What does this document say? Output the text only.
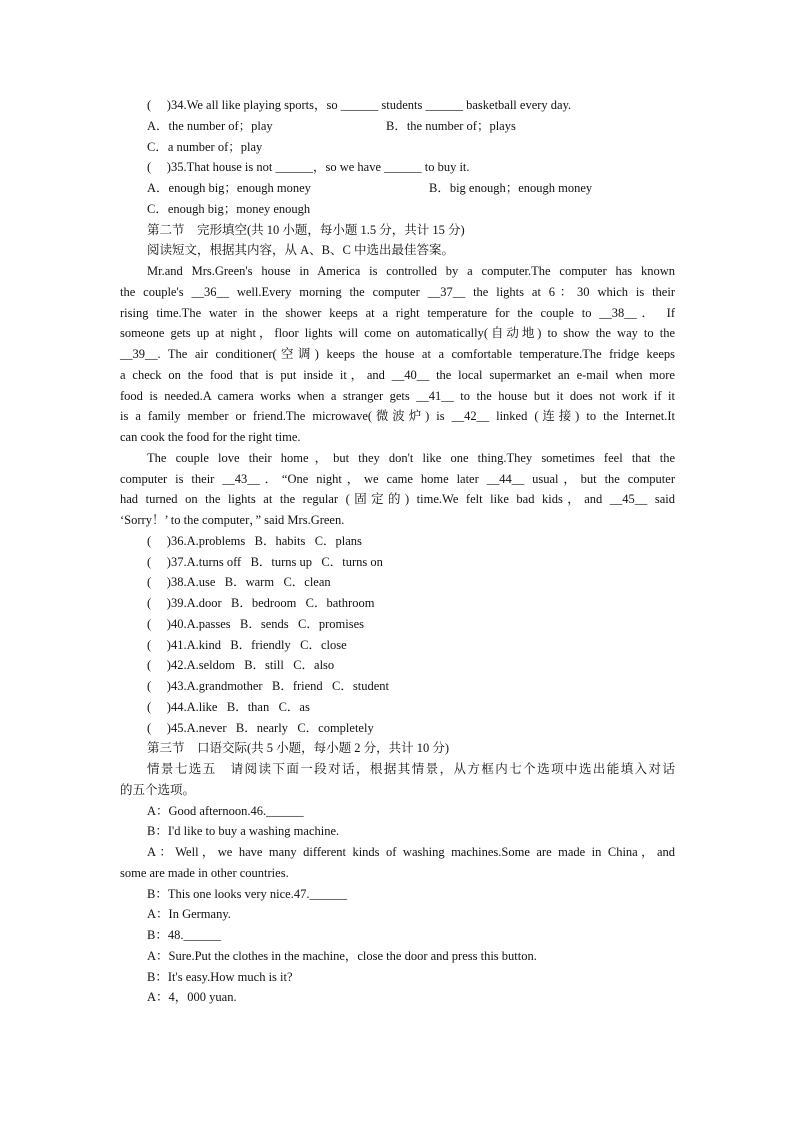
(　 )34.We all like playing sports，so ______ students ______ basketball every day.
A．the number of；play	B．the number of；plays
C．a number of；play
(　 )35.That house is not ______，so we have ______ to buy it.
A．enough big；enough money	B．big enough；enough money
C．enough big；money enough
第二节　完形填空(共 10 小题，每小题 1.5 分，共计 15 分)
阅读短文，根据其内容，从 A、B、C 中选出最佳答案。
Mr.and Mrs.Green's house in America is controlled by a computer.The computer has known
the couple's __36__ well.Every morning the computer __37__ the lights at 6：30 which is their
rising time.The water in the shower keeps at a right temperature for the couple to __38__． If
someone gets up at night，floor lights will come on automatically(自动地) to show the way to the
__39__. The air conditioner(空调) keeps the house at a comfortable temperature.The fridge keeps
a check on the food that is put inside it，and __40__ the local supermarket an e-mail when more
food is needed.A camera works when a stranger gets __41__ to the house but it does not work if it
is a family member or friend.The microwave(微波炉) is __42__ linked (连接) to the Internet.It
can cook the food for the right time.
The couple love their home，but they don't like one thing.They sometimes feel that the
computer is their __43__．“One night，we came home later __44__ usual，but the computer
had turned on the lights at the regular (固定的) time.We felt like bad kids，and __45__ said
‘Sorry！’ to the computer，” said Mrs.Green.
(　 )36.A.problems B．habits C．plans
(　 )37.A.turns off B．turns up C．turns on
(　 )38.A.use B．warm C．clean
(　 )39.A.door B．bedroom C．bathroom
(　 )40.A.passes B．sends C．promises
(　 )41.A.kind B．friendly C．close
(　 )42.A.seldom B．still C．also
(　 )43.A.grandmother B．friend C．student
(　 )44.A.like B．than C．as
(　 )45.A.never B．nearly C．completely
第三节　口语交际(共 5 小题，每小题 2 分，共计 10 分)
情景七选五　请阅读下面一段对话，根据其情景，从方框内七个选项中选出能填入对话
的五个选项。
A：Good afternoon.46.______
B：I'd like to buy a washing machine.
A：Well，we have many different kinds of washing machines.Some are made in China，and
some are made in other countries.
B：This one looks very nice.47.______
A：In Germany.
B：48.______
A：Sure.Put the clothes in the machine，close the door and press this button.
B：It's easy.How much is it?
A：4，000 yuan.
